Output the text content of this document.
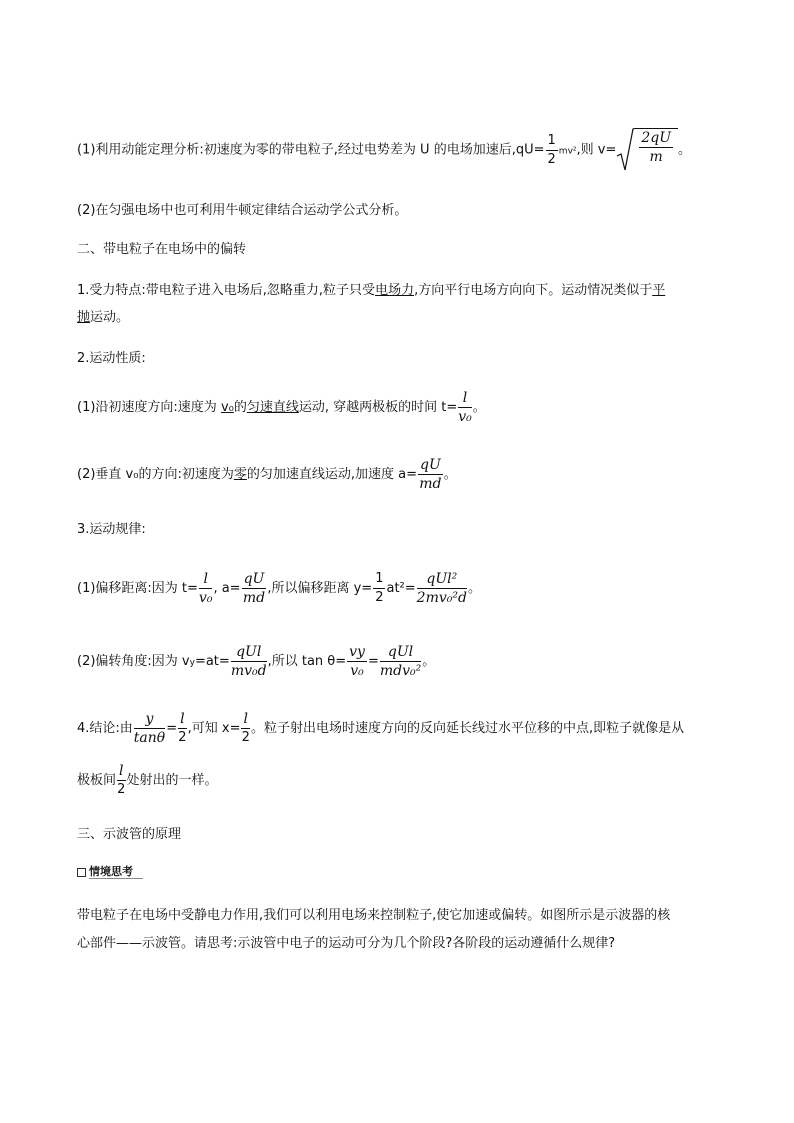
(1)利用动能定理分析:初速度为零的带电粒子,经过电势差为 U 的电场加速后$,qU= \frac{1}{2} mv^2$,则 $v= \frac{2qU}{m}$ 。
(2)在匀强电场中也可利用牛顿定律结合运动学公式分析。
二、带电粒子在电场中的偏转
1.受力特点:带电粒子进入电场后,忽略重力,粒子只受电场力,方向平行电场方向向下。运动情况类似于平
抛运动。
2.运动性质:
(1)沿初速度方向:速度为 v₀的匀速直线运动, 穿越两极板的时间 $t= \frac{l}{\text{v₀}}$ 。
(2)垂直 v₀的方向:初速度为零的匀加速直线运动,加速度 $a= \frac{qU}{md}$ 。
3.运动规律:
(1)偏移距离:因为 $t= \frac{l}{\text{v₀}}$ , $a= \frac{qU}{md}$ ,所以偏移距离 $y= \frac{1}{2} at^2= \frac{\text{qUl²}}{\text{2mv₀²d}}$ 。
(2)偏转角度:因为 $vy=at= \frac{\text{qUl}}{\text{mv₀d}}$ ,所以 $\tan \theta= \frac{vy}{\text{v₀}} = \frac{\text{qUl}}{\text{mdv₀²}}$ 。
4.结论:由 $\frac{y}{\tan\theta} = \frac{l}{2}$ ,可知 $x= \frac{l}{2}$ 。粒子射出电场时速度方向的反向延长线过水平位移的中点,即粒子就像是从
极板间 $\frac{l}{2}$ 处射出的一样。
三、示波管的原理
情境思考
带电粒子在电场中受静电力作用,我们可以利用电场来控制粒子,使它加速或偏转。如图所示是示波器的核
心部件——示波管。请思考:示波管中电子的运动可分为几个阶段?各阶段的运动遵循什么规律?
